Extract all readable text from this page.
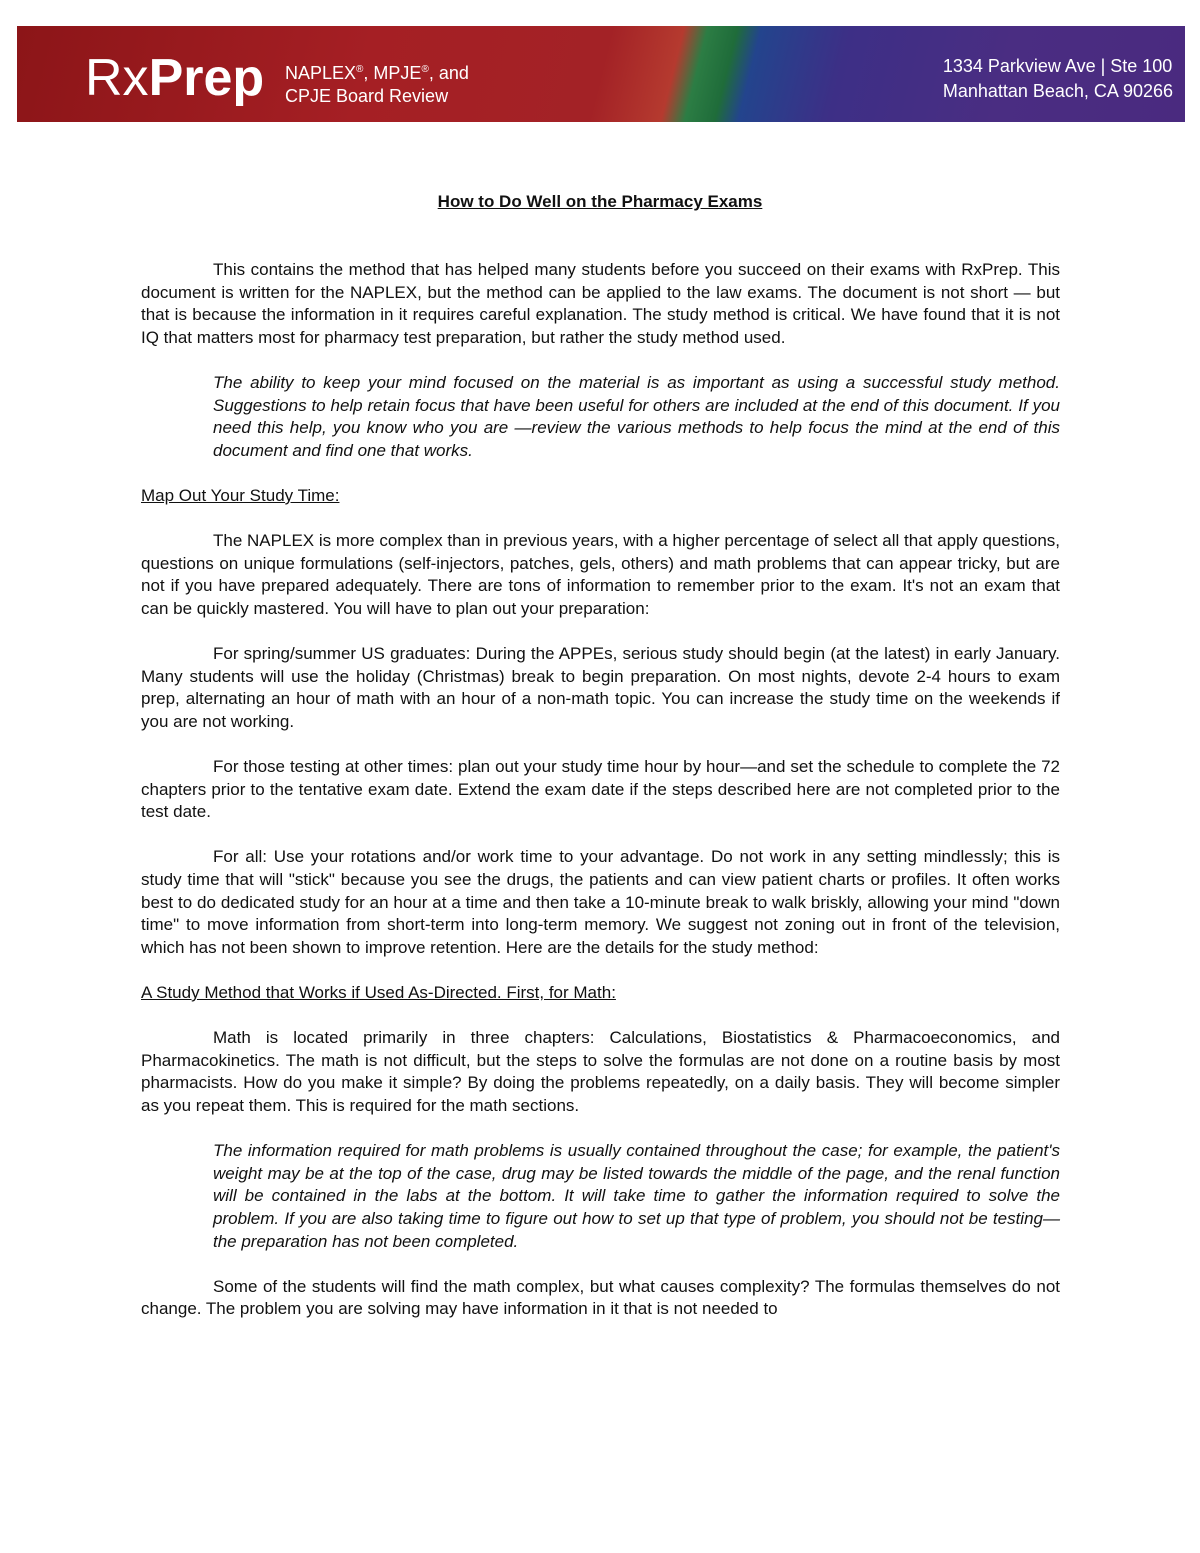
RxPrep NAPLEX®, MPJE®, and
CPJE Board Review
1334 Parkview Ave | Ste 100
Manhattan Beach, CA 90266
How to Do Well on the Pharmacy Exams

This contains the method that has helped many students before you succeed on their exams with RxPrep. This document is written for the NAPLEX, but the method can be applied to the law exams. The document is not short — but that is because the information in it requires careful explanation. The study method is critical. We have found that it is not IQ that matters most for pharmacy test preparation, but rather the study method used.

The ability to keep your mind focused on the material is as important as using a successful study method. Suggestions to help retain focus that have been useful for others are included at the end of this document. If you need this help, you know who you are —review the various methods to help focus the mind at the end of this document and find one that works.

Map Out Your Study Time:

The NAPLEX is more complex than in previous years, with a higher percentage of select all that apply questions, questions on unique formulations (self-injectors, patches, gels, others) and math problems that can appear tricky, but are not if you have prepared adequately. There are tons of information to remember prior to the exam. It's not an exam that can be quickly mastered. You will have to plan out your preparation:

For spring/summer US graduates: During the APPEs, serious study should begin (at the latest) in early January. Many students will use the holiday (Christmas) break to begin preparation. On most nights, devote 2-4 hours to exam prep, alternating an hour of math with an hour of a non-math topic. You can increase the study time on the weekends if you are not working.

For those testing at other times: plan out your study time hour by hour—and set the schedule to complete the 72 chapters prior to the tentative exam date. Extend the exam date if the steps described here are not completed prior to the test date.

For all: Use your rotations and/or work time to your advantage. Do not work in any setting mindlessly; this is study time that will "stick" because you see the drugs, the patients and can view patient charts or profiles. It often works best to do dedicated study for an hour at a time and then take a 10-minute break to walk briskly, allowing your mind "down time" to move information from short-term into long-term memory. We suggest not zoning out in front of the television, which has not been shown to improve retention. Here are the details for the study method:

A Study Method that Works if Used As-Directed. First, for Math:

Math is located primarily in three chapters: Calculations, Biostatistics & Pharmacoeconomics, and Pharmacokinetics. The math is not difficult, but the steps to solve the formulas are not done on a routine basis by most pharmacists. How do you make it simple? By doing the problems repeatedly, on a daily basis. They will become simpler as you repeat them. This is required for the math sections.

The information required for math problems is usually contained throughout the case; for example, the patient's weight may be at the top of the case, drug may be listed towards the middle of the page, and the renal function will be contained in the labs at the bottom. It will take time to gather the information required to solve the problem. If you are also taking time to figure out how to set up that type of problem, you should not be testing—the preparation has not been completed.

Some of the students will find the math complex, but what causes complexity? The formulas themselves do not change. The problem you are solving may have information in it that is not needed to
